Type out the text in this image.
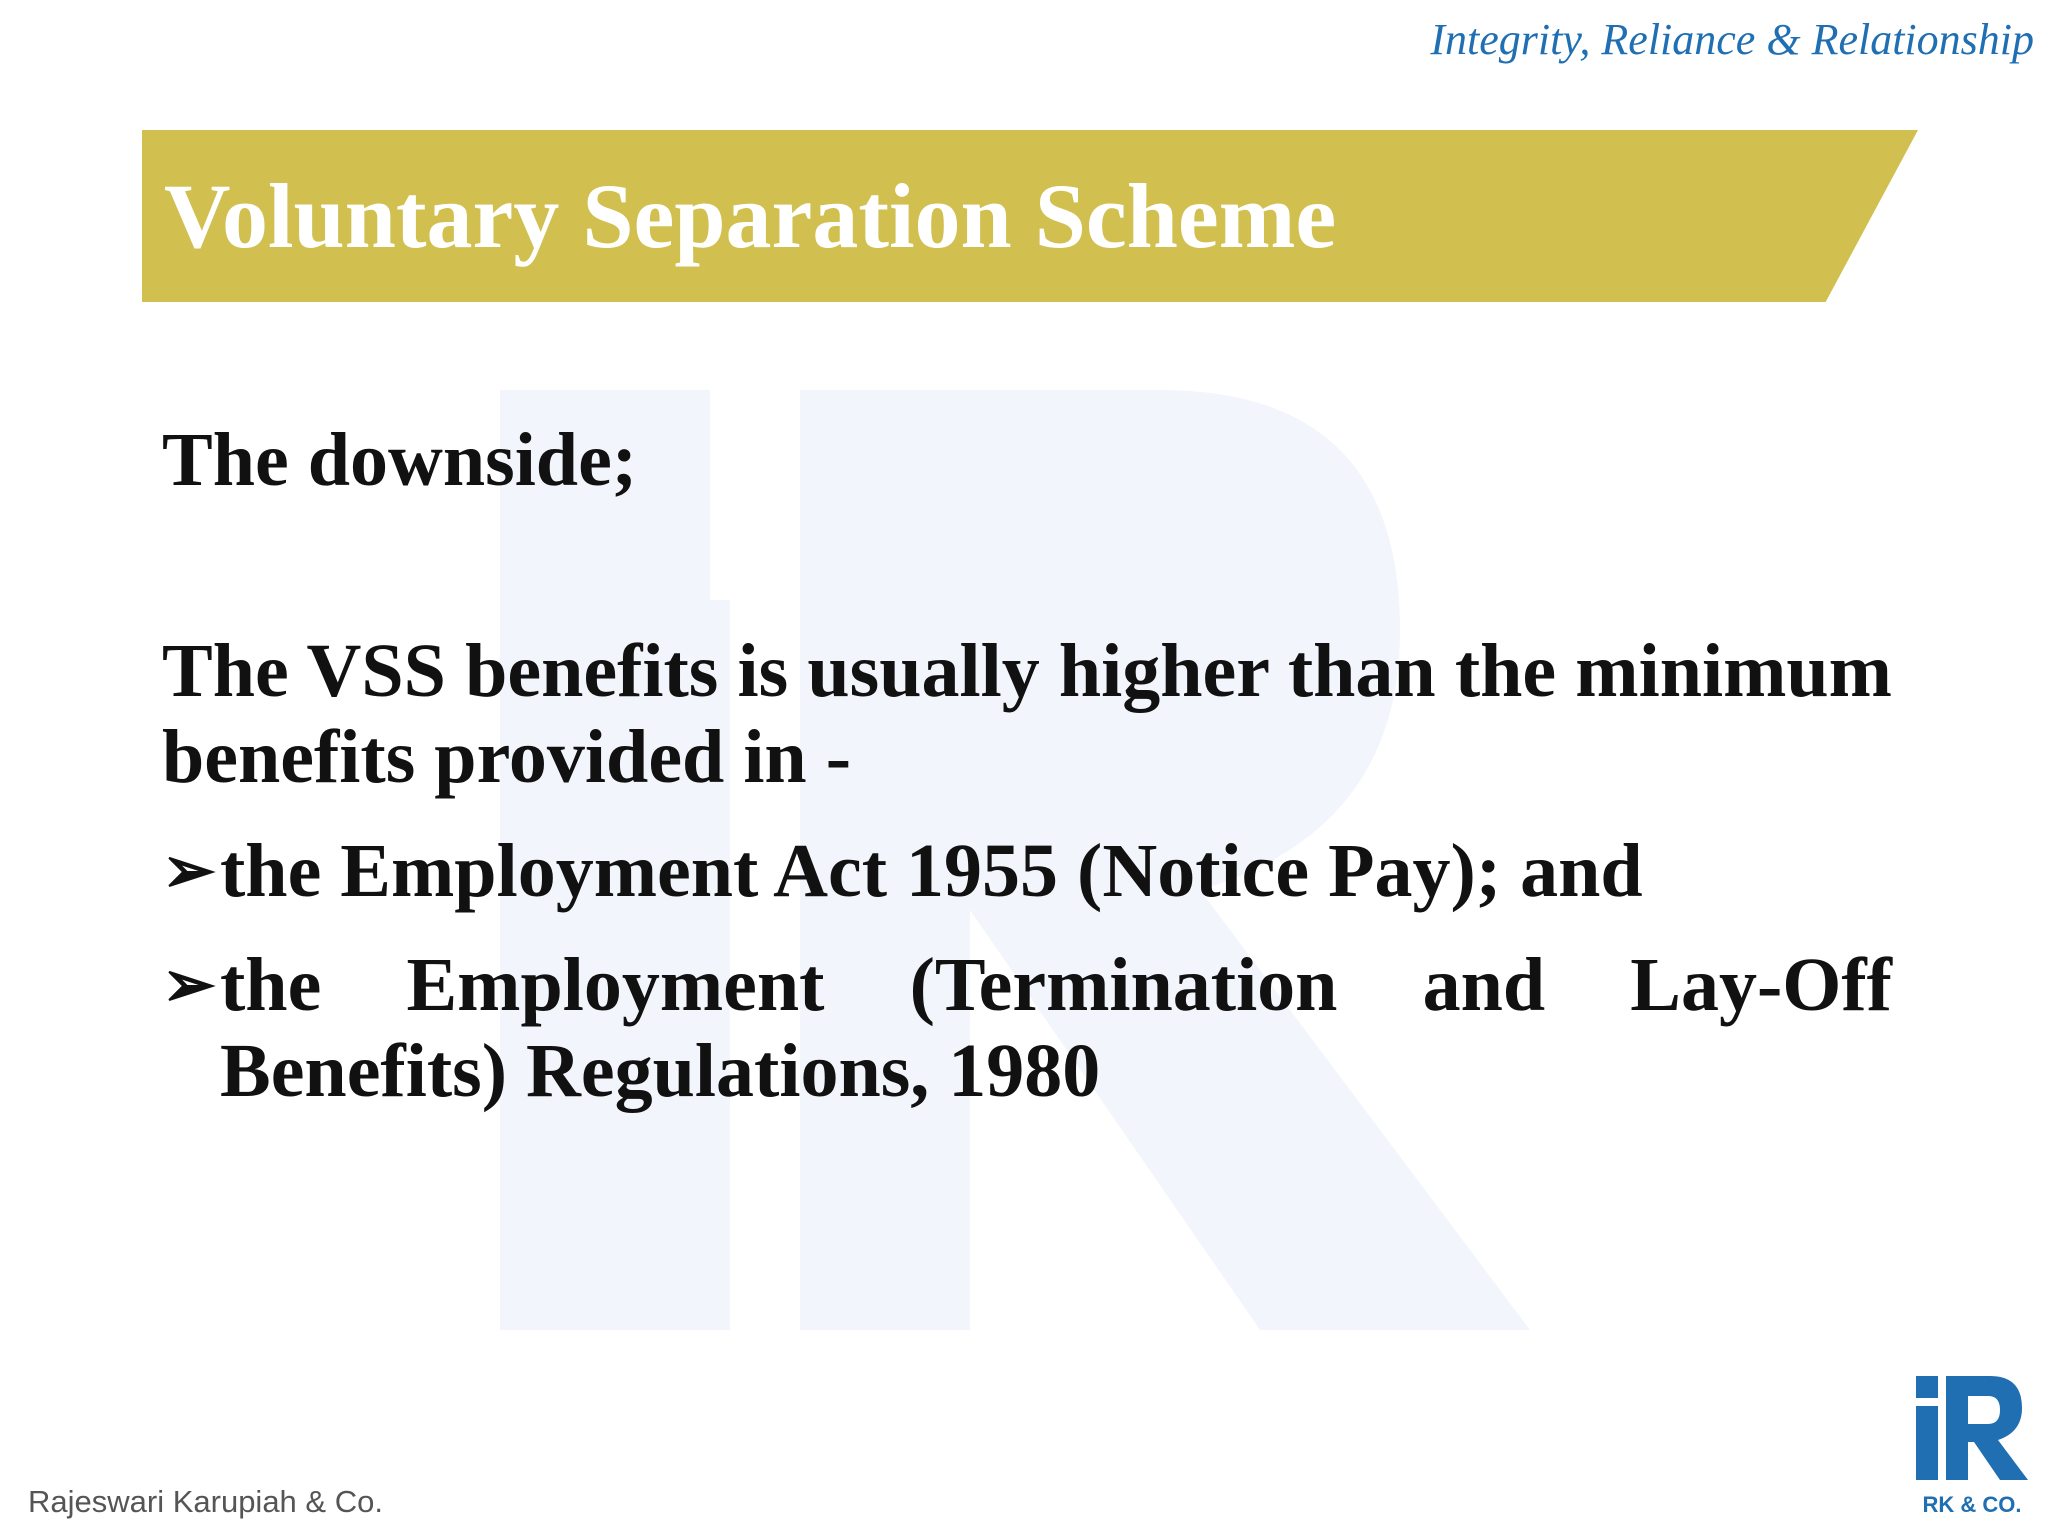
Integrity, Reliance & Relationship
Voluntary Separation Scheme

The downside;

The VSS benefits is usually higher than the minimum benefits provided in -

➢ the Employment Act 1955 (Notice Pay); and
➢ the Employment (Termination and Lay-Off Benefits) Regulations, 1980
Rajeswari Karupiah & Co.	RK & CO.
